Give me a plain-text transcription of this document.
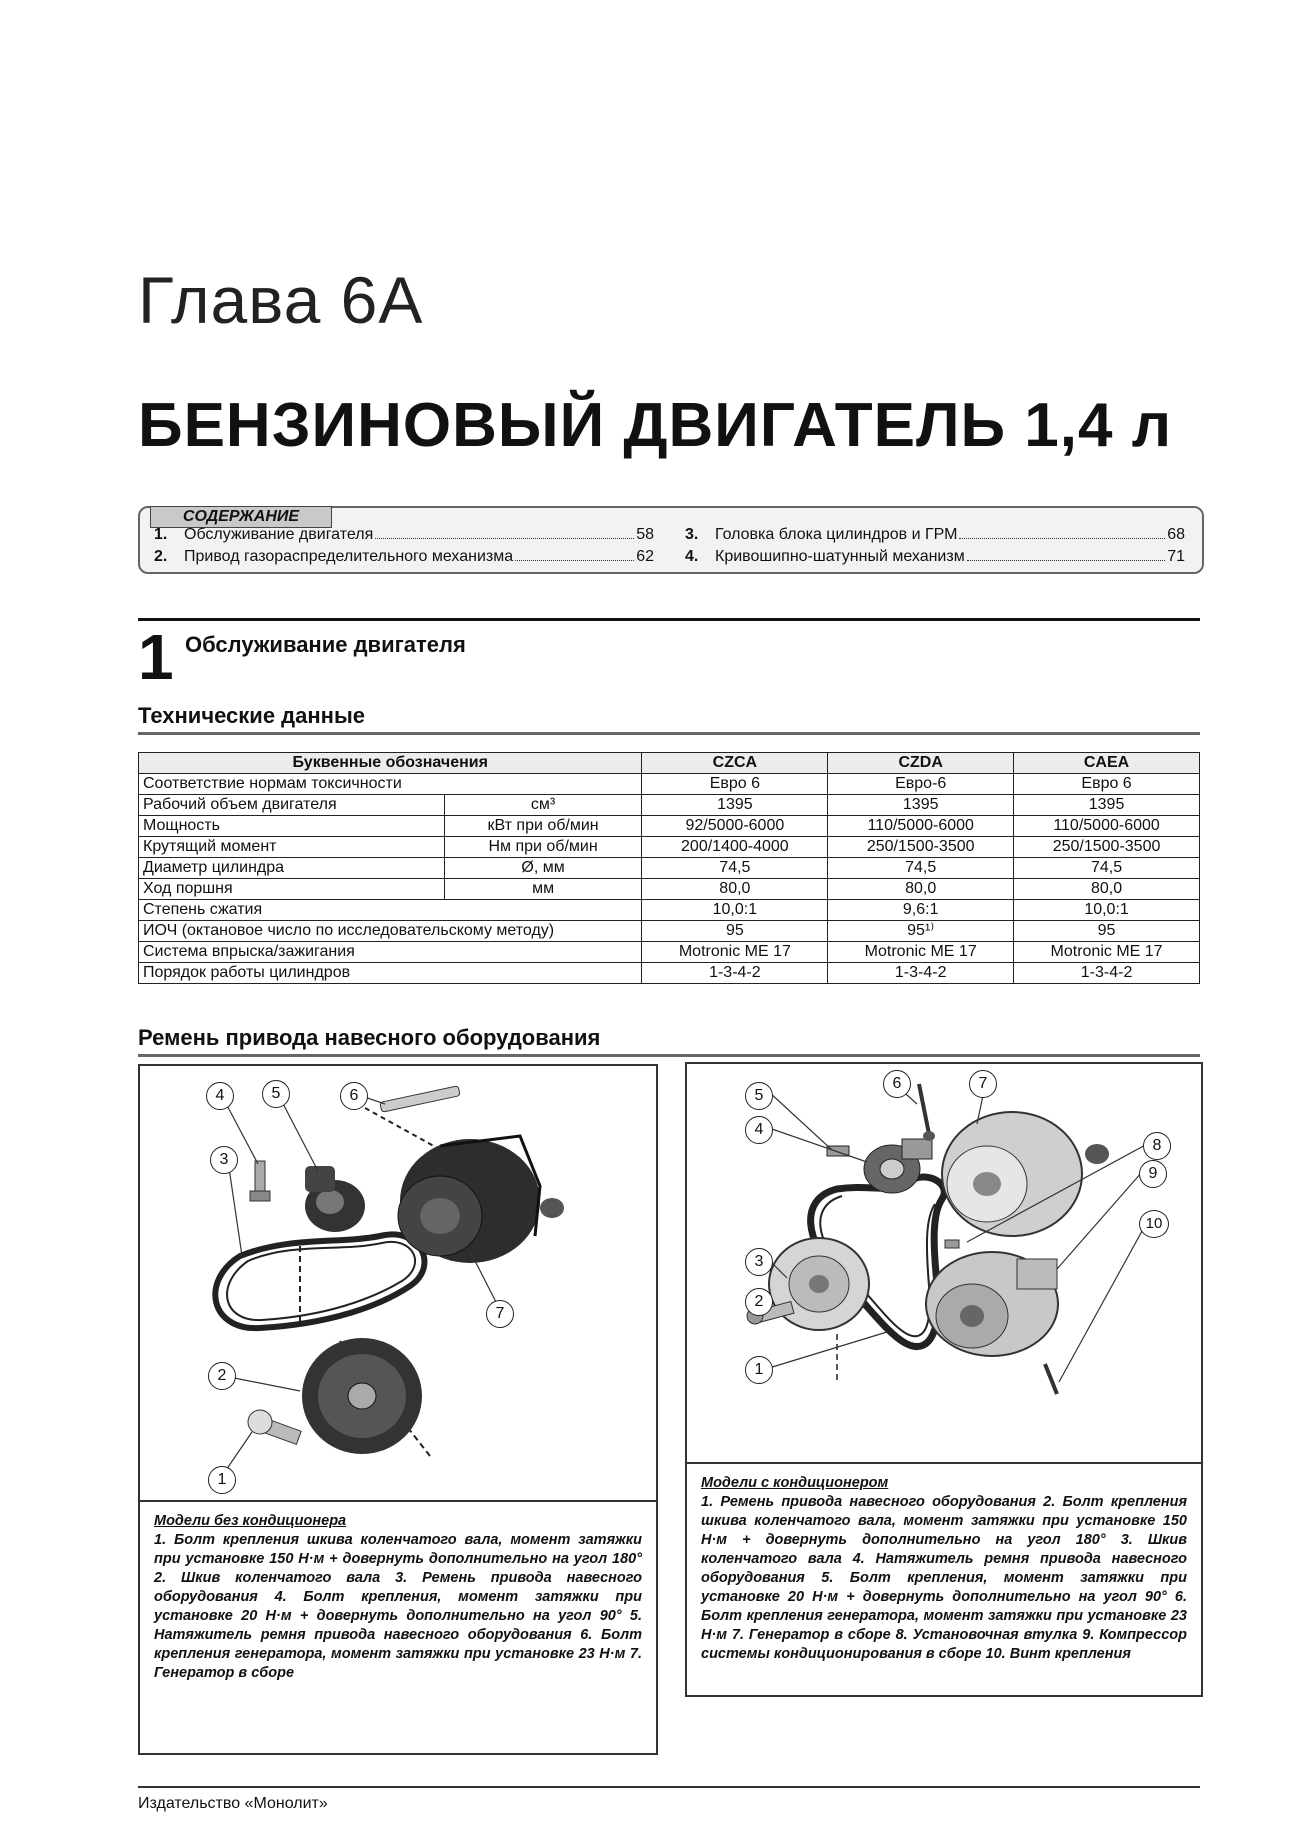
Глава 6А
БЕНЗИНОВЫЙ ДВИГАТЕЛЬ 1,4 л
СОДЕРЖАНИЕ
1.	Обслуживание двигателя	58
2.	Привод газораспределительного механизма	62
3.	Головка блока цилиндров и ГРМ	68
4.	Кривошипно-шатунный механизм	71
1 Обслуживание двигателя
Технические данные
Буквенные обозначения		CZCA	CZDA	CAEA
Соответствие нормам токсичности		Евро 6	Евро-6	Евро 6
Рабочий объем двигателя	см³	1395	1395	1395
Мощность	кВт при об/мин	92/5000-6000	110/5000-6000	110/5000-6000
Крутящий момент	Нм при об/мин	200/1400-4000	250/1500-3500	250/1500-3500
Диаметр цилиндра	Ø, мм	74,5	74,5	74,5
Ход поршня	мм	80,0	80,0	80,0
Степень сжатия		10,0:1	9,6:1	10,0:1
ИОЧ (октановое число по исследовательскому методу)		95	95¹⁾	95
Система впрыска/зажигания		Motronic ME 17	Motronic ME 17	Motronic ME 17
Порядок работы цилиндров		1-3-4-2	1-3-4-2	1-3-4-2
Ремень привода навесного оборудования
4	5	6
3
7
2
1
Модели без кондиционера
1. Болт крепления шкива коленчатого вала, момент затяжки при установке 150 Н·м + довернуть дополнительно на угол 180° 2. Шкив коленчатого вала 3. Ремень привода навесного оборудования 4. Болт крепления, момент затяжки при установке 20 Н·м + довернуть дополнительно на угол 90° 5. Натяжитель ремня привода навесного оборудования 6. Болт крепления генератора, момент затяжки при установке 23 Н·м 7. Генератор в сборе
6	7
5
4
8
9
10
3
2
1
Модели с кондиционером
1. Ремень привода навесного оборудования 2. Болт крепления шкива коленчатого вала, момент затяжки при установке 150 Н·м + довернуть дополнительно на угол 180° 3. Шкив коленчатого вала 4. Натяжитель ремня привода навесного оборудования 5. Болт крепления, момент затяжки при установке 20 Н·м + довернуть дополнительно на угол 90° 6. Болт крепления генератора, момент затяжки при установке 23 Н·м 7. Генератор в сборе 8. Установочная втулка 9. Компрессор системы кондиционирования в сборе 10. Винт крепления
Издательство «Монолит»
